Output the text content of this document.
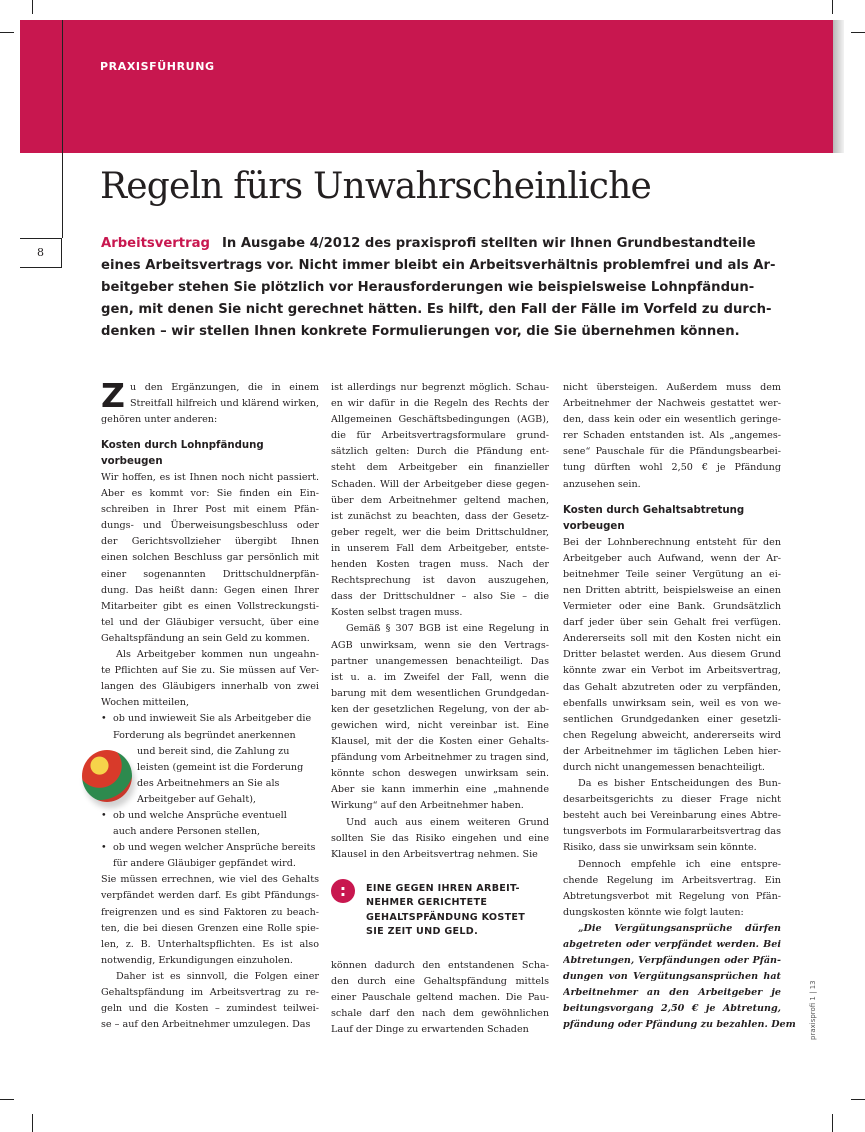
PRAXISFÜHRUNG
8
Regeln fürs Unwahrscheinliche

Arbeitsvertrag In Ausgabe 4/2012 des praxisprofi stellten wir Ihnen Grundbestandteile
eines Arbeitsvertrags vor. Nicht immer bleibt ein Arbeitsverhältnis problemfrei und als Ar-
beitgeber stehen Sie plötzlich vor Herausforderungen wie beispielsweise Lohnpfändun-
gen, mit denen Sie nicht gerechnet hätten. Es hilft, den Fall der Fälle im Vorfeld zu durch-
denken – wir stellen Ihnen konkrete Formulierungen vor, die Sie übernehmen können.

Z u den Ergänzungen, die in einem
Streitfall hilfreich und klärend wirken,
gehören unter anderen:
Kosten durch Lohnpfändung
vorbeugen
Wir hoffen, es ist Ihnen noch nicht passiert.
Aber es kommt vor: Sie finden ein Ein-
schreiben in Ihrer Post mit einem Pfän-
dungs- und Überweisungsbeschluss oder
der Gerichtsvollzieher übergibt Ihnen
einen solchen Beschluss gar persönlich mit
einer sogenannten Drittschuldnerpfän-
dung. Das heißt dann: Gegen einen Ihrer
Mitarbeiter gibt es einen Vollstreckungsti-
tel und der Gläubiger versucht, über eine
Gehaltspfändung an sein Geld zu kommen.
Als Arbeitgeber kommen nun ungeahn-
te Pflichten auf Sie zu. Sie müssen auf Ver-
langen des Gläubigers innerhalb von zwei
Wochen mitteilen,
• ob und inwieweit Sie als Arbeitgeber die
Forderung als begründet anerkennen
und bereit sind, die Zahlung zu
leisten (gemeint ist die Forderung
des Arbeitnehmers an Sie als
Arbeitgeber auf Gehalt),
• ob und welche Ansprüche eventuell
auch andere Personen stellen,
• ob und wegen welcher Ansprüche bereits
für andere Gläubiger gepfändet wird.
Sie müssen errechnen, wie viel des Gehalts
verpfändet werden darf. Es gibt Pfändungs-
freigrenzen und es sind Faktoren zu beach-
ten, die bei diesen Grenzen eine Rolle spie-
len, z. B. Unterhaltspflichten. Es ist also
notwendig, Erkundigungen einzuholen.
Daher ist es sinnvoll, die Folgen einer
Gehaltspfändung im Arbeitsvertrag zu re-
geln und die Kosten – zumindest teilwei-
se – auf den Arbeitnehmer umzulegen. Das
ist allerdings nur begrenzt möglich. Schau-
en wir dafür in die Regeln des Rechts der
Allgemeinen Geschäftsbedingungen (AGB),
die für Arbeitsvertragsformulare grund-
sätzlich gelten: Durch die Pfändung ent-
steht dem Arbeitgeber ein finanzieller
Schaden. Will der Arbeitgeber diese gegen-
über dem Arbeitnehmer geltend machen,
ist zunächst zu beachten, dass der Gesetz-
geber regelt, wer die beim Drittschuldner,
in unserem Fall dem Arbeitgeber, entste-
henden Kosten tragen muss. Nach der
Rechtsprechung ist davon auszugehen,
dass der Drittschuldner – also Sie – die
Kosten selbst tragen muss.
Gemäß § 307 BGB ist eine Regelung in
AGB unwirksam, wenn sie den Vertrags-
partner unangemessen benachteiligt. Das
ist u. a. im Zweifel der Fall, wenn die
barung mit dem wesentlichen Grundgedan-
ken der gesetzlichen Regelung, von der ab-
gewichen wird, nicht vereinbar ist. Eine
Klausel, mit der die Kosten einer Gehalts-
pfändung vom Arbeitnehmer zu tragen sind,
könnte schon deswegen unwirksam sein.
Aber sie kann immerhin eine „mahnende
Wirkung“ auf den Arbeitnehmer haben.
Und auch aus einem weiteren Grund
sollten Sie das Risiko eingehen und eine
Klausel in den Arbeitsvertrag nehmen. Sie
:	EINE GEGEN IHREN ARBEIT-
NEHMER GERICHTETE
GEHALTSPFÄNDUNG KOSTET
SIE ZEIT UND GELD.
können dadurch den entstandenen Scha-
den durch eine Gehaltspfändung mittels
einer Pauschale geltend machen. Die Pau-
schale darf den nach dem gewöhnlichen
Lauf der Dinge zu erwartenden Schaden
nicht übersteigen. Außerdem muss dem
Arbeitnehmer der Nachweis gestattet wer-
den, dass kein oder ein wesentlich geringe-
rer Schaden entstanden ist. Als „angemes-
sene“ Pauschale für die Pfändungsbearbei-
tung dürften wohl 2,50 € je Pfändung
anzusehen sein.
Kosten durch Gehaltsabtretung
vorbeugen
Bei der Lohnberechnung entsteht für den
Arbeitgeber auch Aufwand, wenn der Ar-
beitnehmer Teile seiner Vergütung an ei-
nen Dritten abtritt, beispielsweise an einen
Vermieter oder eine Bank. Grundsätzlich
darf jeder über sein Gehalt frei verfügen.
Andererseits soll mit den Kosten nicht ein
Dritter belastet werden. Aus diesem Grund
könnte zwar ein Verbot im Arbeitsvertrag,
das Gehalt abzutreten oder zu verpfänden,
ebenfalls unwirksam sein, weil es von we-
sentlichen Grundgedanken einer gesetzli-
chen Regelung abweicht, andererseits wird
der Arbeitnehmer im täglichen Leben hier-
durch nicht unangemessen benachteiligt.
Da es bisher Entscheidungen des Bun-
desarbeitsgerichts zu dieser Frage nicht
besteht auch bei Vereinbarung eines Abtre-
tungsverbots im Formulararbeitsvertrag das
Risiko, dass sie unwirksam sein könnte.
Dennoch empfehle ich eine entspre-
chende Regelung im Arbeitsvertrag. Ein
Abtretungsverbot mit Regelung von Pfän-
dungskosten könnte wie folgt lauten:
„Die Vergütungsansprüche dürfen
abgetreten oder verpfändet werden. Bei
Abtretungen, Verpfändungen oder Pfän-
dungen von Vergütungsansprüchen hat
Arbeitnehmer an den Arbeitgeber je
beitungsvorgang 2,50 € je Abtretung,
pfändung oder Pfändung zu bezahlen. Dem praxisprofi 1 | 13
